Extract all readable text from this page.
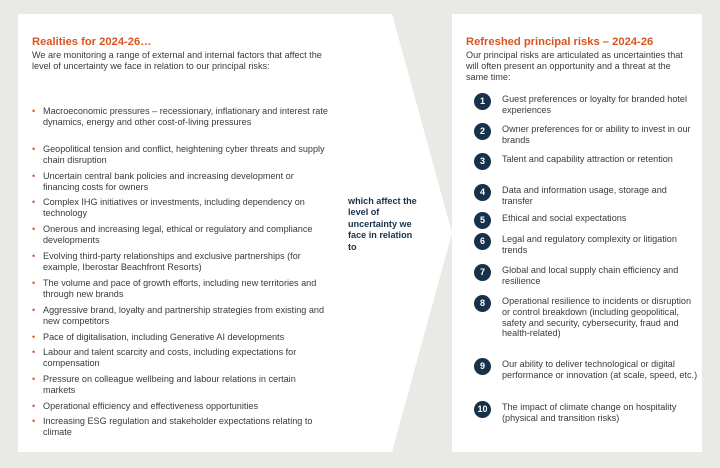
Realities for 2024-26…
We are monitoring a range of external and internal factors that affect the level of uncertainty we face in relation to our principal risks:
• Macroeconomic pressures – recessionary, inflationary and interest rate dynamics, energy and other cost-of-living pressures
• Geopolitical tension and conflict, heightening cyber threats and supply chain disruption
• Uncertain central bank policies and increasing development or financing costs for owners
• Complex IHG initiatives or investments, including dependency on technology
• Onerous and increasing legal, ethical or regulatory and compliance developments
• Evolving third-party relationships and exclusive partnerships (for example, Iberostar Beachfront Resorts)
• The volume and pace of growth efforts, including new territories and through new brands
• Aggressive brand, loyalty and partnership strategies from existing and new competitors
• Pace of digitalisation, including Generative AI developments
• Labour and talent scarcity and costs, including expectations for compensation
• Pressure on colleague wellbeing and labour relations in certain markets
• Operational efficiency and effectiveness opportunities
• Increasing ESG regulation and stakeholder expectations relating to climate
which affect the level of uncertainty we face in relation to
Refreshed principal risks – 2024-26
Our principal risks are articulated as uncertainties that will often present an opportunity and a threat at the same time:
1	Guest preferences or loyalty for branded hotel experiences
2	Owner preferences for or ability to invest in our brands
3	Talent and capability attraction or retention
4	Data and information usage, storage and transfer
5	Ethical and social expectations
6	Legal and regulatory complexity or litigation trends
7	Global and local supply chain efficiency and resilience
8	Operational resilience to incidents or disruption or control breakdown (including geopolitical, safety and security, cybersecurity, fraud and health-related)
9	Our ability to deliver technological or digital performance or innovation (at scale, speed, etc.)
10	The impact of climate change on hospitality (physical and transition risks)
